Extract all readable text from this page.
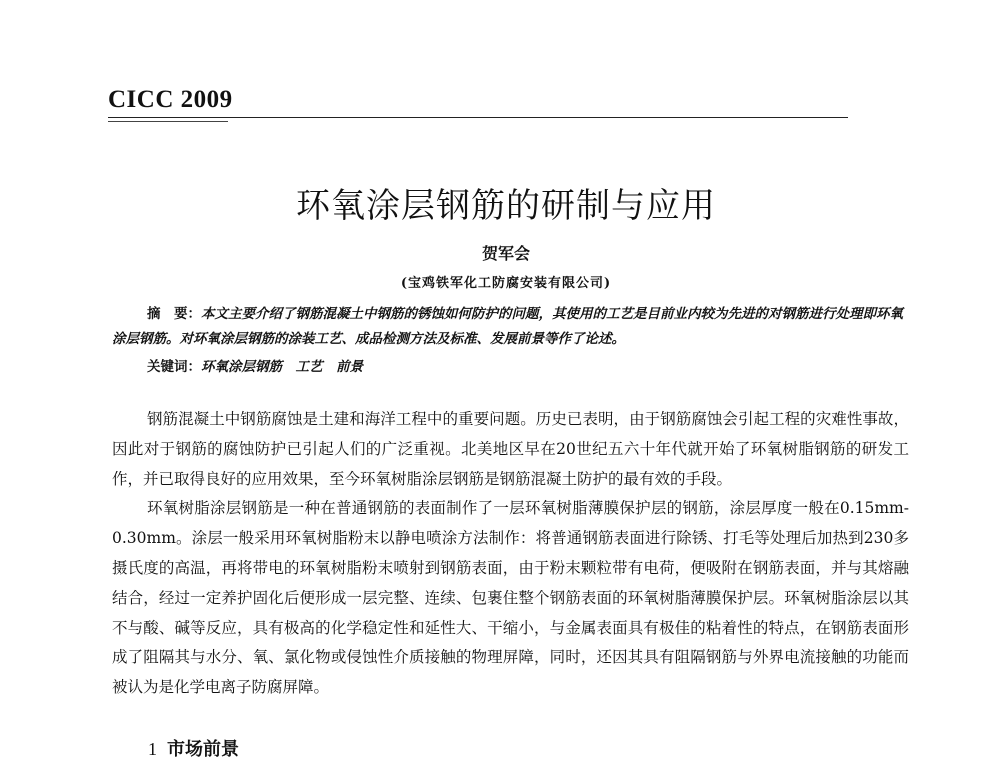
CICC 2009
环氧涂层钢筋的研制与应用
贺军会
(宝鸡铁军化工防腐安装有限公司)
摘　要：本文主要介绍了钢筋混凝土中钢筋的锈蚀如何防护的问题，其使用的工艺是目前业内较为先进的对钢筋进行处理即环氧涂层钢筋。对环氧涂层钢筋的涂装工艺、成品检测方法及标准、发展前景等作了论述。
关键词：环氧涂层钢筋　工艺　前景

钢筋混凝土中钢筋腐蚀是土建和海洋工程中的重要问题。历史已表明，由于钢筋腐蚀会引起工程的灾难性事故，因此对于钢筋的腐蚀防护已引起人们的广泛重视。北美地区早在20世纪五六十年代就开始了环氧树脂钢筋的研发工作，并已取得良好的应用效果，至今环氧树脂涂层钢筋是钢筋混凝土防护的最有效的手段。

环氧树脂涂层钢筋是一种在普通钢筋的表面制作了一层环氧树脂薄膜保护层的钢筋，涂层厚度一般在0.15mm-0.30mm。涂层一般采用环氧树脂粉末以静电喷涂方法制作：将普通钢筋表面进行除锈、打毛等处理后加热到230多摄氏度的高温，再将带电的环氧树脂粉末喷射到钢筋表面，由于粉末颗粒带有电荷，便吸附在钢筋表面，并与其熔融结合，经过一定养护固化后便形成一层完整、连续、包裹住整个钢筋表面的环氧树脂薄膜保护层。环氧树脂涂层以其不与酸、碱等反应，具有极高的化学稳定性和延性大、干缩小，与金属表面具有极佳的粘着性的特点，在钢筋表面形成了阻隔其与水分、氧、氯化物或侵蚀性介质接触的物理屏障，同时，还因其具有阻隔钢筋与外界电流接触的功能而被认为是化学电离子防腐屏障。

1 市场前景
